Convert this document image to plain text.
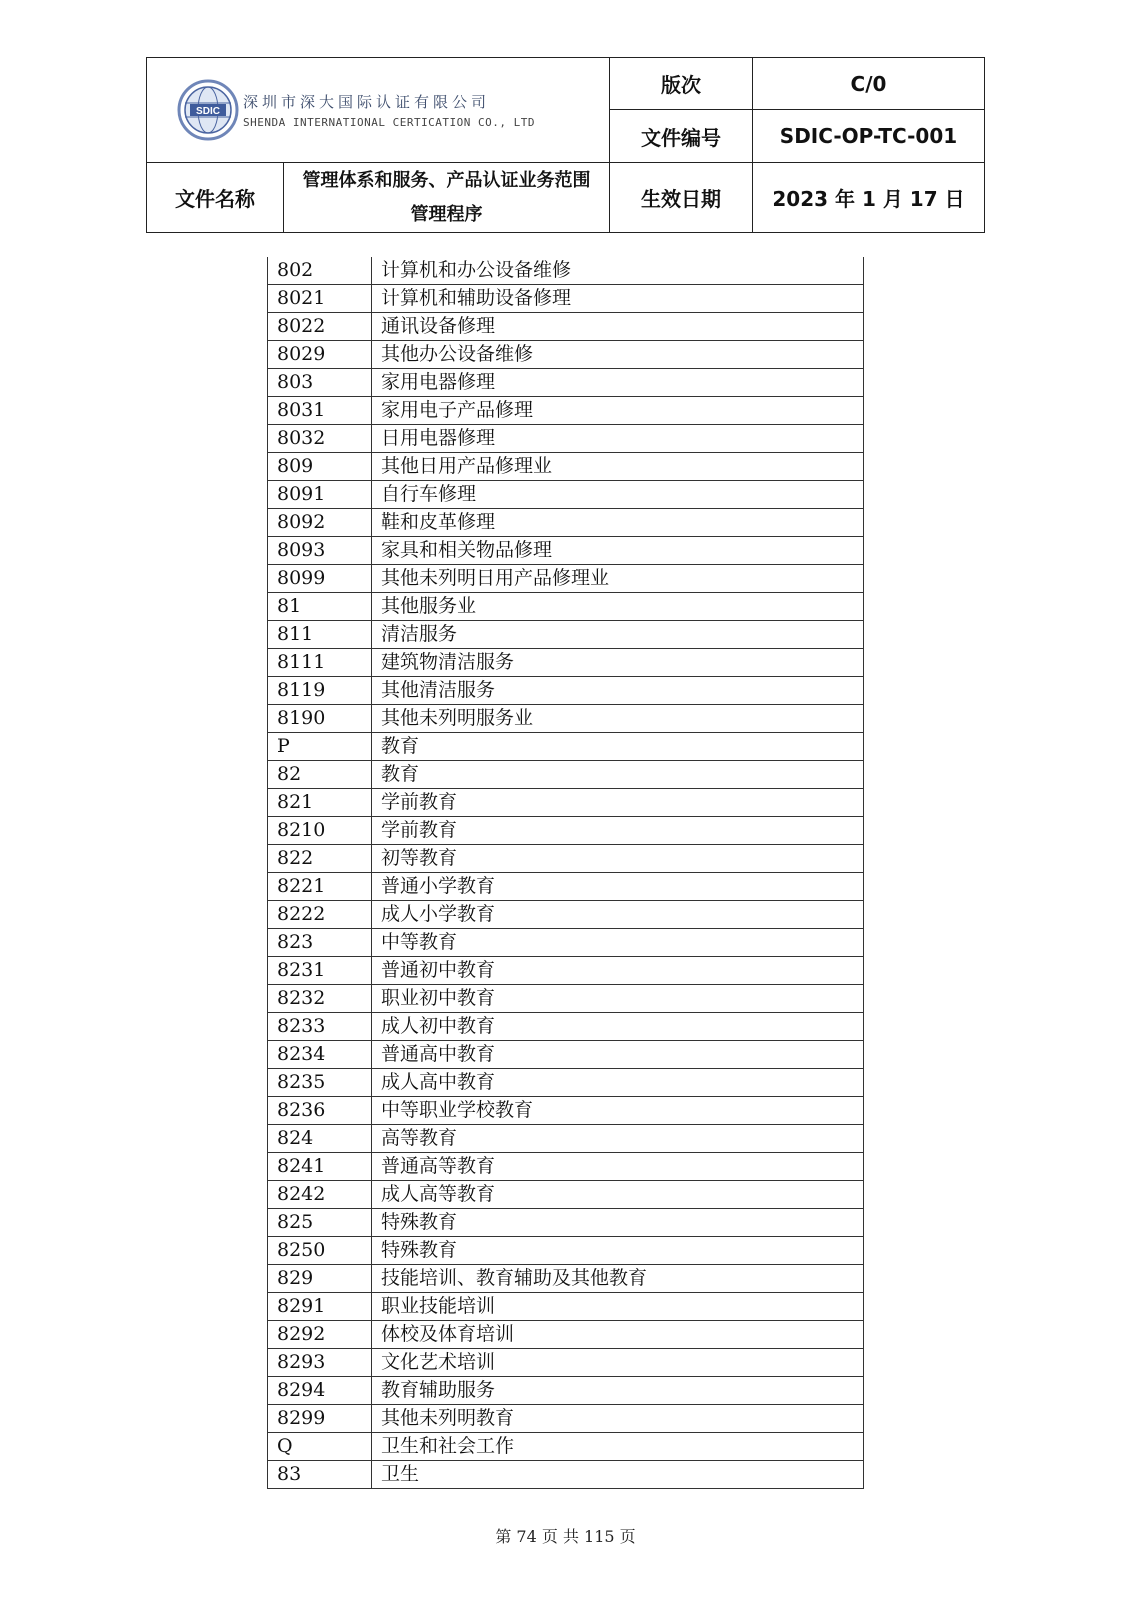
SDIC
深圳市深大国际认证有限公司
SHENDA INTERNATIONAL CERTICATION CO., LTD		版次	C/0
		文件编号	SDIC-OP-TC-001
文件名称	管理体系和服务、产品认证业务范围管理程序	生效日期	2023 年 1 月 17 日
802	计算机和办公设备维修
8021	计算机和辅助设备修理
8022	通讯设备修理
8029	其他办公设备维修
803	家用电器修理
8031	家用电子产品修理
8032	日用电器修理
809	其他日用产品修理业
8091	自行车修理
8092	鞋和皮革修理
8093	家具和相关物品修理
8099	其他未列明日用产品修理业
81	其他服务业
811	清洁服务
8111	建筑物清洁服务
8119	其他清洁服务
8190	其他未列明服务业
P	教育
82	教育
821	学前教育
8210	学前教育
822	初等教育
8221	普通小学教育
8222	成人小学教育
823	中等教育
8231	普通初中教育
8232	职业初中教育
8233	成人初中教育
8234	普通高中教育
8235	成人高中教育
8236	中等职业学校教育
824	高等教育
8241	普通高等教育
8242	成人高等教育
825	特殊教育
8250	特殊教育
829	技能培训、教育辅助及其他教育
8291	职业技能培训
8292	体校及体育培训
8293	文化艺术培训
8294	教育辅助服务
8299	其他未列明教育
Q	卫生和社会工作
83	卫生
第 74 页 共 115 页
